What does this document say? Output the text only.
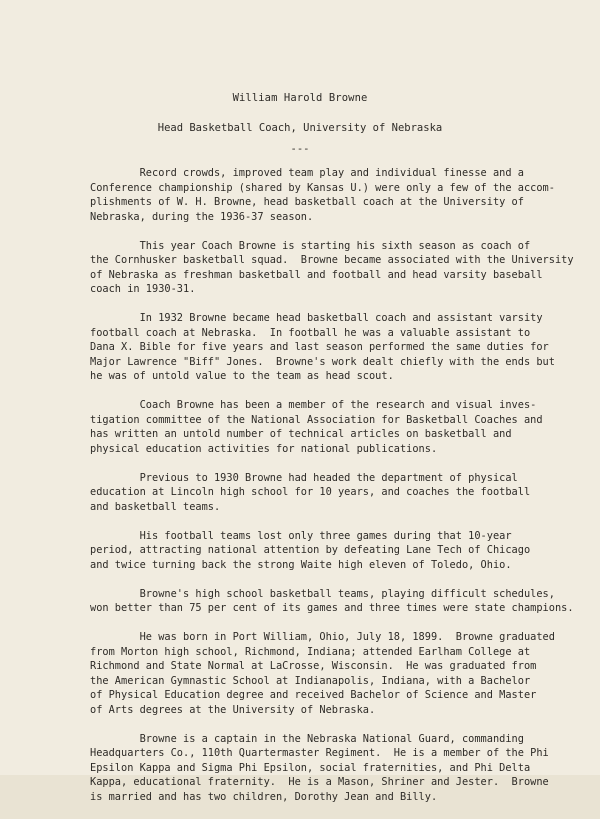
William Harold Browne
Head Basketball Coach, University of Nebraska
---
Record crowds, improved team play and individual finesse and a
Conference championship (shared by Kansas U.) were only a few of the accom-
plishments of W. H. Browne, head basketball coach at the University of
Nebraska, during the 1936-37 season.
This year Coach Browne is starting his sixth season as coach of
the Cornhusker basketball squad.  Browne became associated with the University
of Nebraska as freshman basketball and football and head varsity baseball
coach in 1930-31.
In 1932 Browne became head basketball coach and assistant varsity
football coach at Nebraska.  In football he was a valuable assistant to
Dana X. Bible for five years and last season performed the same duties for
Major Lawrence "Biff" Jones.  Browne's work dealt chiefly with the ends but
he was of untold value to the team as head scout.
Coach Browne has been a member of the research and visual inves-
tigation committee of the National Association for Basketball Coaches and
has written an untold number of technical articles on basketball and
physical education activities for national publications.
Previous to 1930 Browne had headed the department of physical
education at Lincoln high school for 10 years, and coaches the football
and basketball teams.
His football teams lost only three games during that 10-year
period, attracting national attention by defeating Lane Tech of Chicago
and twice turning back the strong Waite high eleven of Toledo, Ohio.
Browne's high school basketball teams, playing difficult schedules,
won better than 75 per cent of its games and three times were state champions.
He was born in Port William, Ohio, July 18, 1899.  Browne graduated
from Morton high school, Richmond, Indiana; attended Earlham College at
Richmond and State Normal at LaCrosse, Wisconsin.  He was graduated from
the American Gymnastic School at Indianapolis, Indiana, with a Bachelor
of Physical Education degree and received Bachelor of Science and Master
of Arts degrees at the University of Nebraska.
Browne is a captain in the Nebraska National Guard, commanding
Headquarters Co., 110th Quartermaster Regiment.  He is a member of the Phi
Epsilon Kappa and Sigma Phi Epsilon, social fraternities, and Phi Delta
Kappa, educational fraternity.  He is a Mason, Shriner and Jester.  Browne
is married and has two children, Dorothy Jean and Billy.
